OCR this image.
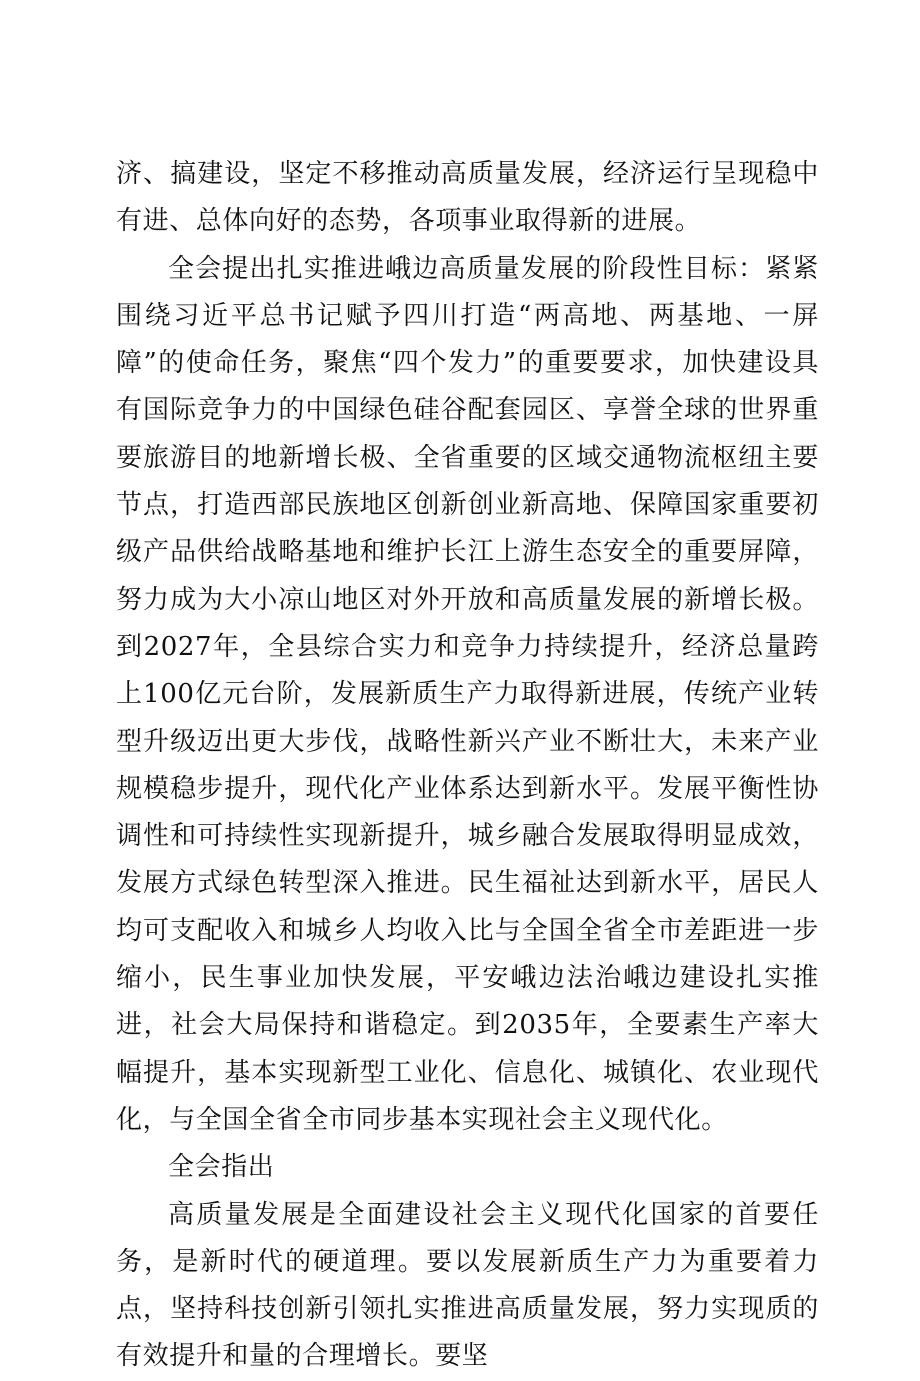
济、搞建设，坚定不移推动高质量发展，经济运行呈现稳中有进、总体向好的态势，各项事业取得新的进展。

全会提出扎实推进峨边高质量发展的阶段性目标：紧紧围绕习近平总书记赋予四川打造“两高地、两基地、一屏障”的使命任务，聚焦“四个发力”的重要要求，加快建设具有国际竞争力的中国绿色硅谷配套园区、享誉全球的世界重要旅游目的地新增长极、全省重要的区域交通物流枢纽主要节点，打造西部民族地区创新创业新高地、保障国家重要初级产品供给战略基地和维护长江上游生态安全的重要屏障，努力成为大小凉山地区对外开放和高质量发展的新增长极。到2027年，全县综合实力和竞争力持续提升，经济总量跨上100亿元台阶，发展新质生产力取得新进展，传统产业转型升级迈出更大步伐，战略性新兴产业不断壮大，未来产业规模稳步提升，现代化产业体系达到新水平。发展平衡性协调性和可持续性实现新提升，城乡融合发展取得明显成效，发展方式绿色转型深入推进。民生福祉达到新水平，居民人均可支配收入和城乡人均收入比与全国全省全市差距进一步缩小，民生事业加快发展，平安峨边法治峨边建设扎实推进，社会大局保持和谐稳定。到2035年，全要素生产率大幅提升，基本实现新型工业化、信息化、城镇化、农业现代化，与全国全省全市同步基本实现社会主义现代化。

全会指出

高质量发展是全面建设社会主义现代化国家的首要任务，是新时代的硬道理。要以发展新质生产力为重要着力点，坚持科技创新引领扎实推进高质量发展，努力实现质的有效提升和量的合理增长。要坚
